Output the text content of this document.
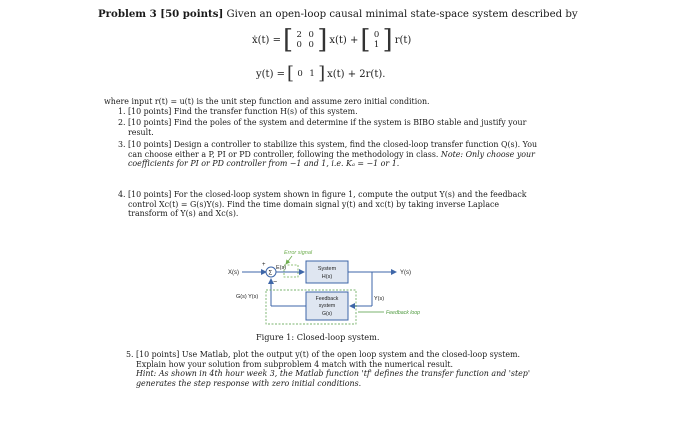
Problem 3 [50 points] Given an open-loop causal minimal state-space system described by
ẋ(t) = [ 2 0
0 0 ] x(t) + [ 0
1 ] r(t)
y(t) = [ 0 1 ] x(t) + 2r(t).
where input r(t) = u(t) is the unit step function and assume zero initial condition.
1. [10 points] Find the transfer function H(s) of this system.
2. [10 points] Find the poles of the system and determine if the system is BIBO stable and justify your result.
3. [10 points] Design a controller to stabilize this system, find the closed-loop transfer function Q(s). You can choose either a P, PI or PD controller, following the methodology in class. Note: Only choose your coefficients for PI or PD controller from −1 and 1, i.e. Kₐ = −1 or 1.
4. [10 points] For the closed-loop system shown in figure 1, compute the output Y(s) and the feedback control Xc(t) = G(s)Y(s). Find the time domain signal y(t) and xc(t) by taking inverse Laplace transform of Y(s) and Xc(s).
Error signal
X(s)
+
−
Σ
E(s)	System
H(s)
Y(s)
Y(s)
Feedback
system
G(s)
G(s) Y(s)
Feedback loop
Figure 1: Closed-loop system.
5. [10 points] Use Matlab, plot the output y(t) of the open loop system and the closed-loop system. Explain how your solution from subproblem 4 match with the numerical result.
Hint: As shown in 4th hour week 3, the Matlab function 'tf' defines the transfer function and 'step' generates the step response with zero initial conditions.
